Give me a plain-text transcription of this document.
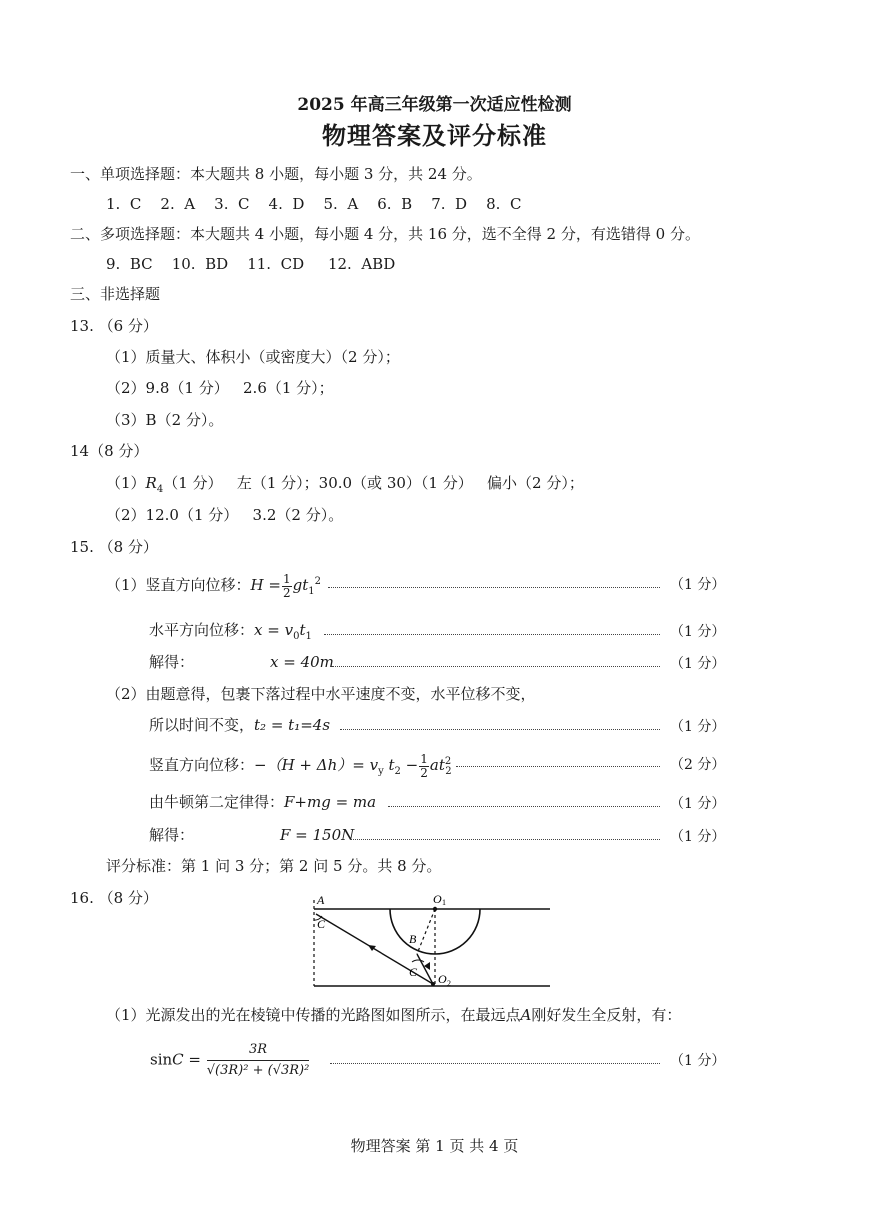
2025 年高三年级第一次适应性检测
物理答案及评分标准
一、单项选择题：本大题共 8 小题，每小题 3 分，共 24 分。
1.  C    2.  A    3.  C    4.  D    5.  A    6.  B    7.  D    8.  C
二、多项选择题：本大题共 4 小题，每小题 4 分，共 16 分，选不全得 2 分，有选错得 0 分。
9.  BC    10.  BD    11.  CD     12.  ABD
三、非选择题
13. （6 分）
（1）质量大、体积小（或密度大）（2 分）；
（2）9.8（1 分）   2.6（1 分）；
（3）B（2 分）。
14（8 分）
$(1)R_4(1$ 分）   左（1 分）；30.0（或 30）（1 分）   偏小（2 分）；
（2）12.0（1 分）   3.2（2 分）。
15. （8 分）
（1）竖直方向位移：$H = \frac{1}{2} gt_1^2$	（1 分）
水平方向位移：$x = v_0t_1$	（1 分）
解得：	x = 40m	（1 分）
（2）由题意得，包裹下落过程中水平速度不变，水平位移不变，
所以时间不变，t₂ = t₁=4s	（1 分）
竖直方向位移：$-(H + \Delta h)= v_y$ $t_2 - \frac{1}{2} at^2_2$	（2 分）
由牛顿第二定律得：F+mg = ma	（1 分）
解得：	F = 150N	（1 分）
评分标准：第 1 问 3 分；第 2 问 5 分。共 8 分。
16. （8 分）	A
C
O 1
B
C O 2
（1）光源发出的光在棱镜中传播的光路图如图所示，在最远点A刚好发生全反射，有：
$\sin C = \frac{3R}{\text{√(3R)² + (√3R)²}}$	（1 分）
物理答案 第 1 页 共 4 页
